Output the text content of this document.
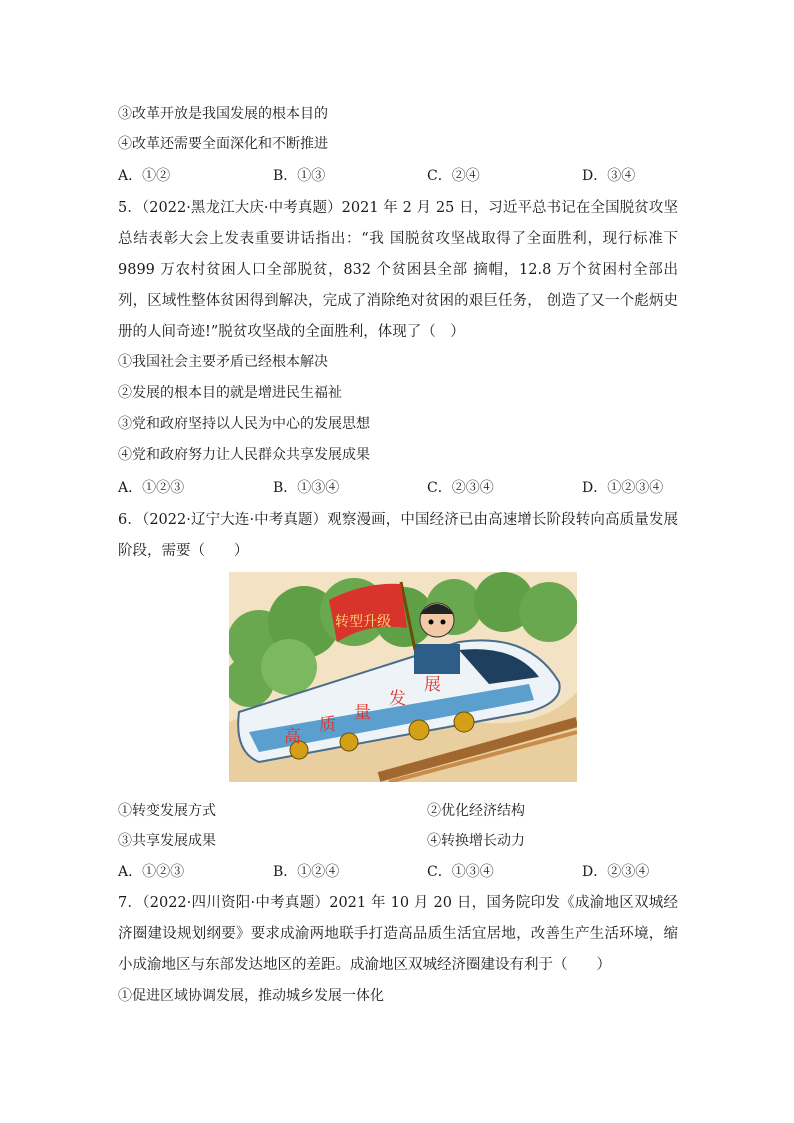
③改革开放是我国发展的根本目的
④改革还需要全面深化和不断推进
A．①②	B．①③	C．②④	D．③④
5．（2022·黑龙江大庆·中考真题）2021 年 2 月 25 日，习近平总书记在全国脱贫攻坚总结表彰大会上发表重要讲话指出：“我 国脱贫攻坚战取得了全面胜利，现行标准下 9899 万农村贫困人口全部脱贫，832 个贫困县全部 摘帽，12.8 万个贫困村全部出列，区域性整体贫困得到解决，完成了消除绝对贫困的艰巨任务， 创造了又一个彪炳史册的人间奇迹!”脱贫攻坚战的全面胜利，体现了（　）
①我国社会主要矛盾已经根本解决
②发展的根本目的就是增进民生福祉
③党和政府坚持以人民为中心的发展思想
④党和政府努力让人民群众共享发展成果
A．①②③	B．①③④	C．②③④	D．①②③④
6．（2022·辽宁大连·中考真题）观察漫画，中国经济已由高速增长阶段转向高质量发展阶段，需要（　　）
高
质
量
发
展
转型升级
①转变发展方式	②优化经济结构
③共享发展成果	④转换增长动力
A．①②③	B．①②④	C．①③④	D．②③④
7．（2022·四川资阳·中考真题）2021 年 10 月 20 日，国务院印发《成渝地区双城经济圈建设规划纲要》要求成渝两地联手打造高品质生活宜居地，改善生产生活环境，缩小成渝地区与东部发达地区的差距。成渝地区双城经济圈建设有利于（　　）
①促进区域协调发展，推动城乡发展一体化
